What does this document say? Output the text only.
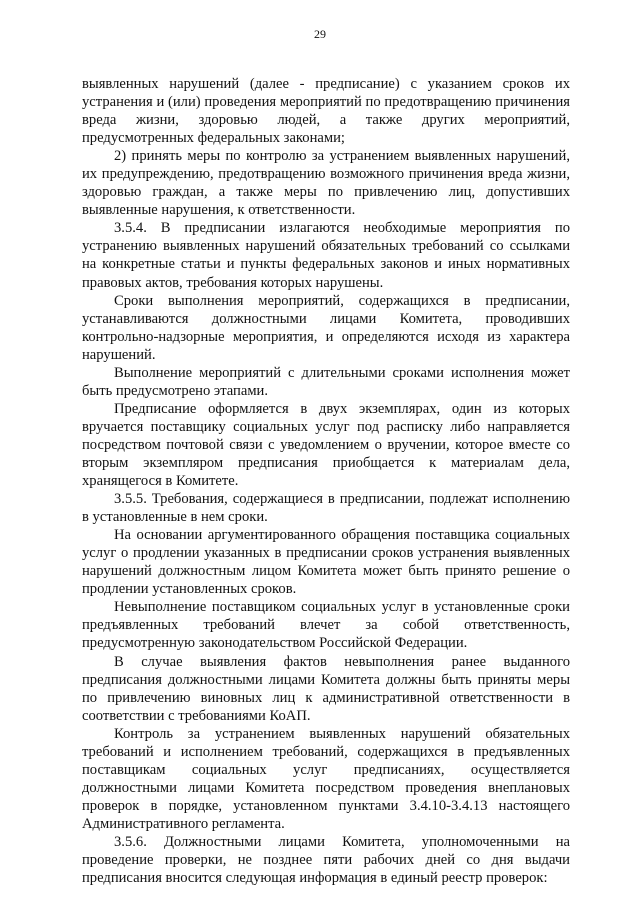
29

выявленных нарушений (далее - предписание) с указанием сроков их устранения и (или) проведения мероприятий по предотвращению причинения вреда жизни, здоровью людей, а также других мероприятий, предусмотренных федеральных законами;

2) принять меры по контролю за устранением выявленных нарушений, их предупреждению, предотвращению возможного причинения вреда жизни, здоровью граждан, а также меры по привлечению лиц, допустивших выявленные нарушения, к ответственности.

3.5.4. В предписании излагаются необходимые мероприятия по устранению выявленных нарушений обязательных требований со ссылками на конкретные статьи и пункты федеральных законов и иных нормативных правовых актов, требования которых нарушены.

Сроки выполнения мероприятий, содержащихся в предписании, устанавливаются должностными лицами Комитета, проводивших контрольно-надзорные мероприятия, и определяются исходя из характера нарушений.

Выполнение мероприятий с длительными сроками исполнения может быть предусмотрено этапами.

Предписание оформляется в двух экземплярах, один из которых вручается поставщику социальных услуг под расписку либо направляется посредством почтовой связи с уведомлением о вручении, которое вместе со вторым экземпляром предписания приобщается к материалам дела, хранящегося в Комитете.

3.5.5. Требования, содержащиеся в предписании, подлежат исполнению в установленные в нем сроки.

На основании аргументированного обращения поставщика социальных услуг о продлении указанных в предписании сроков устранения выявленных нарушений должностным лицом Комитета может быть принято решение о продлении установленных сроков.

Невыполнение поставщиком социальных услуг в установленные сроки предъявленных требований влечет за собой ответственность, предусмотренную законодательством Российской Федерации.

В случае выявления фактов невыполнения ранее выданного предписания должностными лицами Комитета должны быть приняты меры по привлечению виновных лиц к административной ответственности в соответствии с требованиями КоАП.

Контроль за устранением выявленных нарушений обязательных требований и исполнением требований, содержащихся в предъявленных поставщикам социальных услуг предписаниях, осуществляется должностными лицами Комитета посредством проведения внеплановых проверок в порядке, установленном пунктами 3.4.10-3.4.13 настоящего Административного регламента.

3.5.6. Должностными лицами Комитета, уполномоченными на проведение проверки, не позднее пяти рабочих дней со дня выдачи предписания вносится следующая информация в единый реестр проверок:
